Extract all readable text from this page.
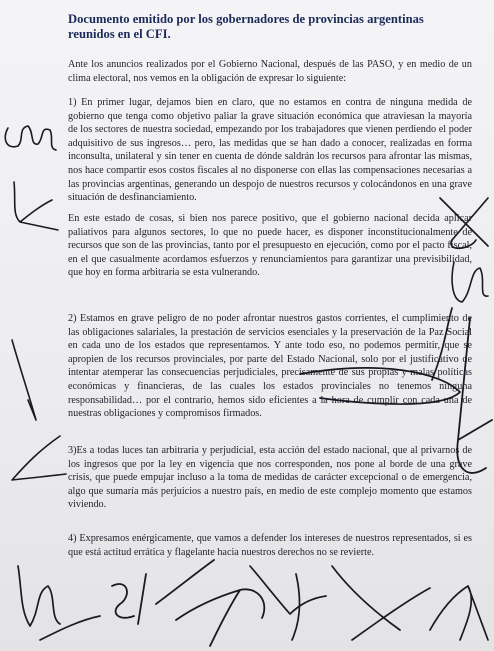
Documento emitido por los gobernadores de provincias argentinas reunidos en el CFI.
Ante los anuncios realizados por el Gobierno Nacional, después de las PASO, y en medio de un clima electoral, nos vemos en la obligación de expresar lo siguiente:
1) En primer lugar, dejamos bien en claro, que no estamos en contra de ninguna medida de gobierno que tenga como objetivo paliar la grave situación económica que atraviesan la mayoría de los sectores de nuestra sociedad, empezando por los trabajadores que vienen perdiendo el poder adquisitivo de sus ingresos… pero, las medidas que se han dado a conocer, realizadas en forma inconsulta, unilateral y sin tener en cuenta de dónde saldrán los recursos para afrontar las mismas, nos hace compartir esos costos fiscales al no disponerse con ellas las compensaciones necesarias a las provincias argentinas, generando un despojo de nuestros recursos y colocándonos en una grave situación de desfinanciamiento.
En este estado de cosas, si bien nos parece positivo, que el gobierno nacional decida aplicar paliativos para algunos sectores, lo que no puede hacer, es disponer inconstitucionalmente de recursos que son de las provincias, tanto por el presupuesto en ejecución, como por el pacto fiscal, en el que casualmente acordamos esfuerzos y renunciamientos para garantizar una previsibilidad, que hoy en forma arbitraria se esta vulnerando.
2) Estamos en grave peligro de no poder afrontar nuestros gastos corrientes, el cumplimiento de las obligaciones salariales, la prestación de servicios esenciales y la preservación de la Paz Social en cada uno de los estados que representamos. Y ante todo eso, no podemos permitir, que se apropien de los recursos provinciales, por parte del Estado Nacional, solo por el justificativo de intentar atemperar las consecuencias perjudiciales, precisamente de sus propias y malas políticas económicas y financieras, de las cuales los estados provinciales no tenemos ninguna responsabilidad… por el contrario, hemos sido eficientes a la hora de cumplir con cada una de nuestras obligaciones y compromisos firmados.
3)Es a todas luces tan arbitraria y perjudicial, esta acción del estado nacional, que al privarnos de los ingresos que por la ley en vigencia que nos corresponden, nos pone al borde de una grave crisis, que puede empujar incluso a la toma de medidas de carácter excepcional o de emergencia, algo que sumaría más perjuicios a nuestro país, en medio de este complejo momento que estamos viviendo.
4) Expresamos enérgicamente, que vamos a defender los intereses de nuestros representados, si es que está actitud errática y flagelante hacia nuestros derechos no se revierte.
